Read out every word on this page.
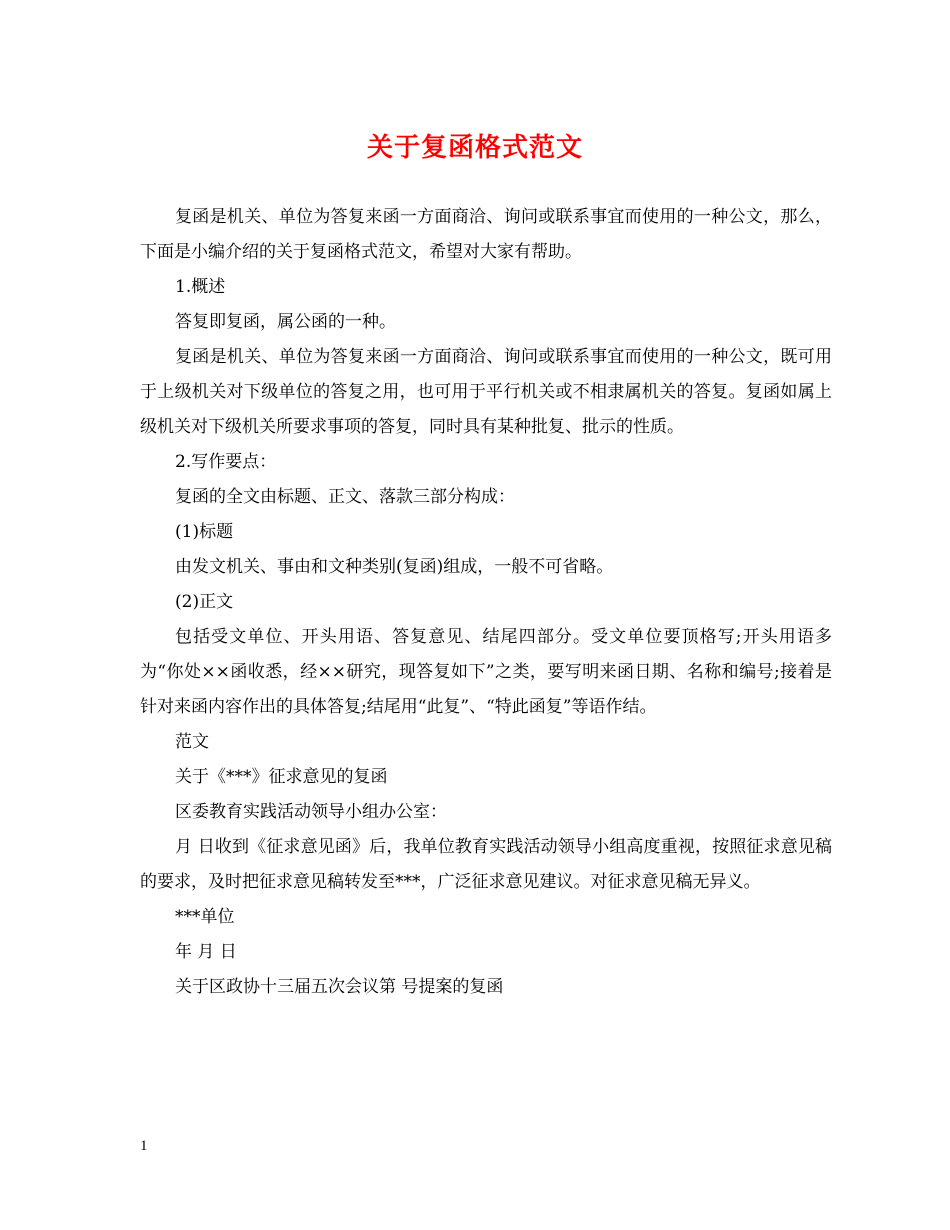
关于复函格式范文

复函是机关、单位为答复来函一方面商洽、询问或联系事宜而使用的一种公文，那么，下面是小编介绍的关于复函格式范文，希望对大家有帮助。

1.概述

答复即复函，属公函的一种。

复函是机关、单位为答复来函一方面商洽、询问或联系事宜而使用的一种公文，既可用于上级机关对下级单位的答复之用，也可用于平行机关或不相隶属机关的答复。复函如属上级机关对下级机关所要求事项的答复，同时具有某种批复、批示的性质。

2.写作要点：

复函的全文由标题、正文、落款三部分构成：

(1)标题

由发文机关、事由和文种类别(复函)组成，一般不可省略。

(2)正文

包括受文单位、开头用语、答复意见、结尾四部分。受文单位要顶格写;开头用语多为“你处××函收悉，经××研究，现答复如下”之类，要写明来函日期、名称和编号;接着是针对来函内容作出的具体答复;结尾用“此复”、“特此函复”等语作结。

范文

关于《***》征求意见的复函

区委教育实践活动领导小组办公室：

月 日收到《征求意见函》后，我单位教育实践活动领导小组高度重视，按照征求意见稿的要求，及时把征求意见稿转发至***，广泛征求意见建议。对征求意见稿无异义。

***单位

年 月 日

关于区政协十三届五次会议第 号提案的复函

1
